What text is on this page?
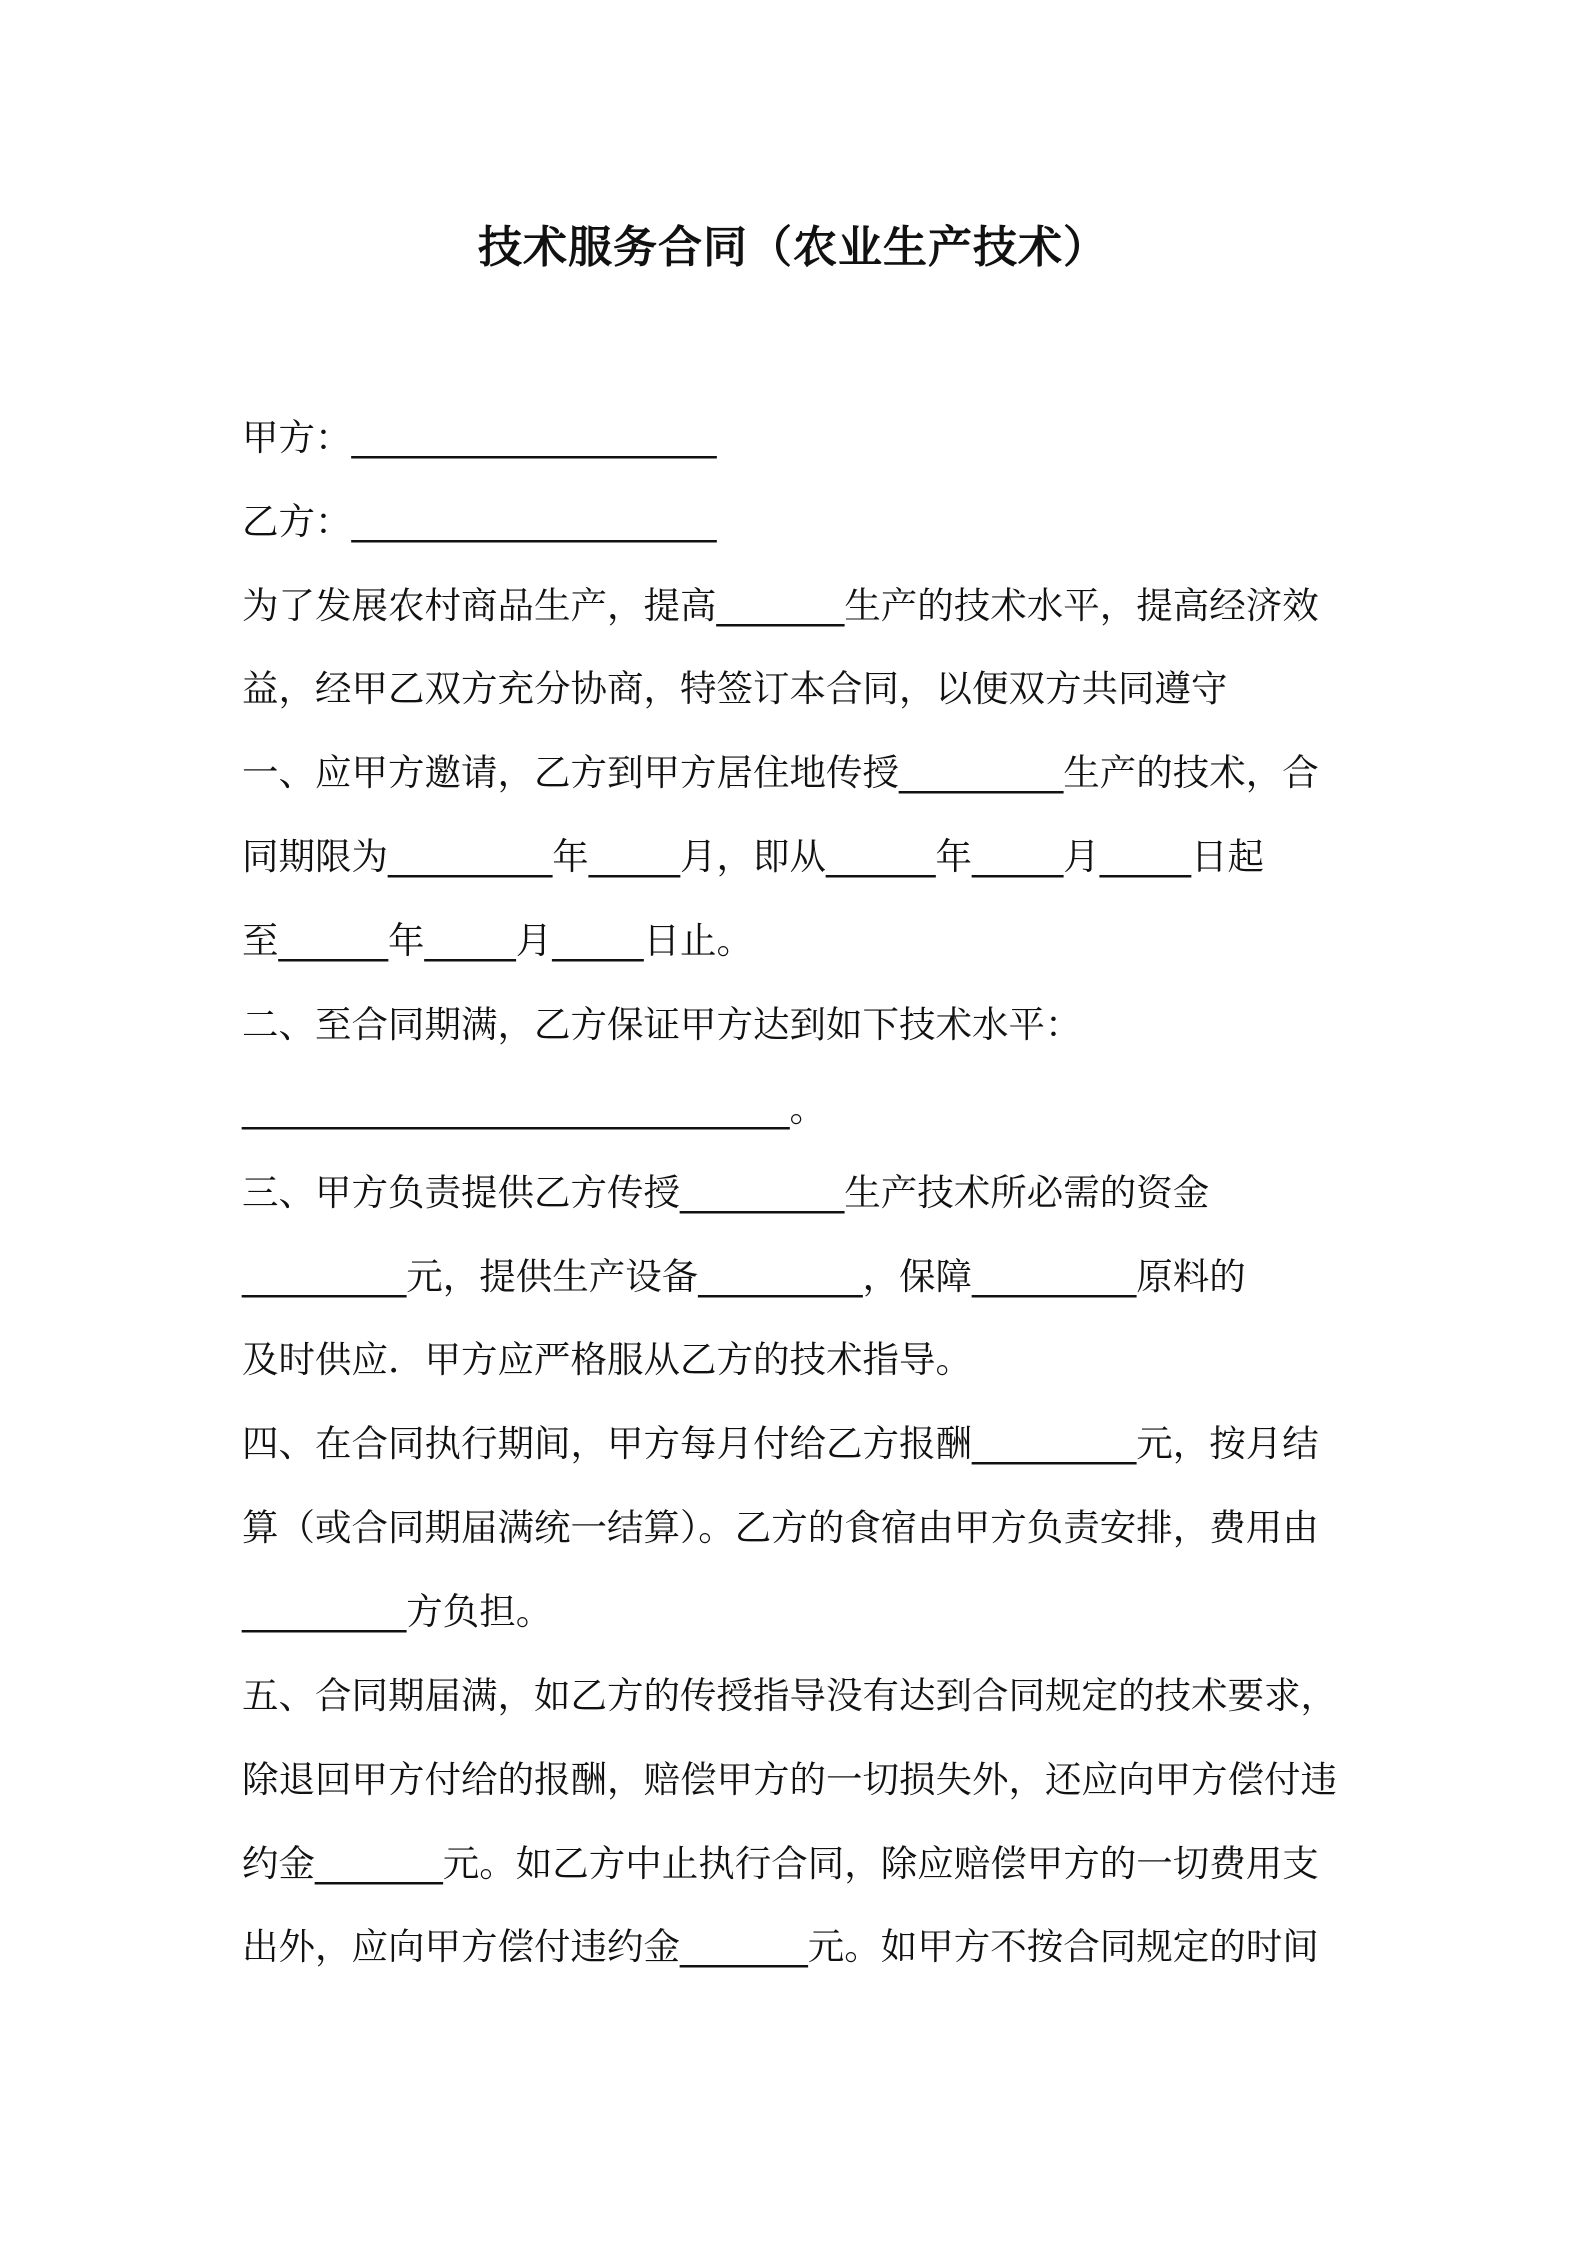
技术服务合同（农业生产技术）

甲方：____________________

乙方：____________________

为了发展农村商品生产，提高_______生产的技术水平，提高经济效

益，经甲乙双方充分协商，特签订本合同，以便双方共同遵守

一、应甲方邀请，乙方到甲方居住地传授_________生产的技术，合

同期限为_________年_____月，即从______年_____月_____日起

至______年_____月_____日止。

二、至合同期满，乙方保证甲方达到如下技术水平：

______________________________。

三、甲方负责提供乙方传授_________生产技术所必需的资金

_________元，提供生产设备_________，保障_________原料的

及时供应．甲方应严格服从乙方的技术指导。

四、在合同执行期间，甲方每月付给乙方报酬_________元，按月结

算（或合同期届满统一结算）。乙方的食宿由甲方负责安排，费用由

_________方负担。

五、合同期届满，如乙方的传授指导没有达到合同规定的技术要求，

除退回甲方付给的报酬，赔偿甲方的一切损失外，还应向甲方偿付违

约金_______元。如乙方中止执行合同，除应赔偿甲方的一切费用支

出外，应向甲方偿付违约金_______元。如甲方不按合同规定的时间
